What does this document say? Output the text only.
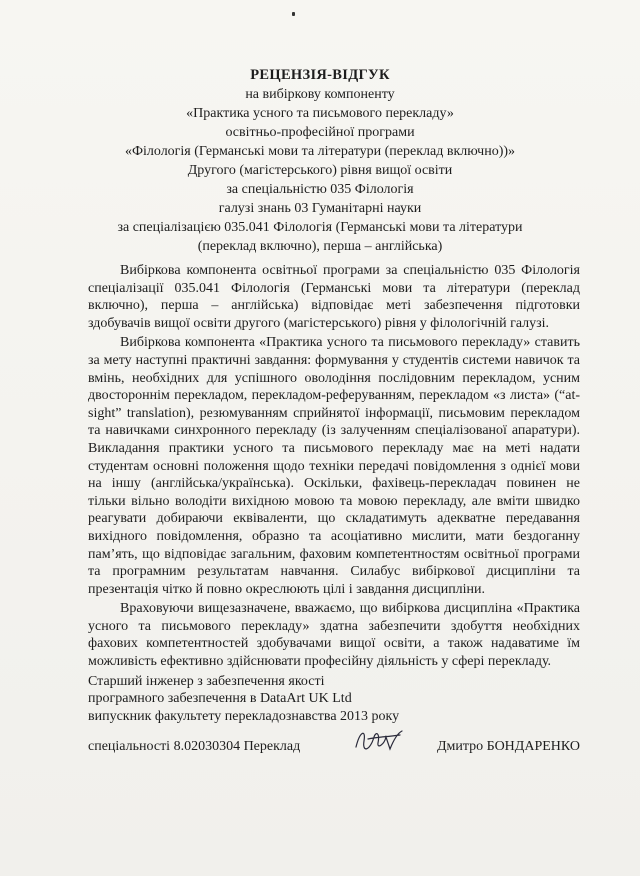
РЕЦЕНЗІЯ-ВІДГУК
на вибіркову компоненту
«Практика усного та письмового перекладу»
освітньо-професійної програми
«Філологія (Германські мови та літератури (переклад включно))»
Другого (магістерського) рівня вищої освіти
за спеціальністю 035 Філологія
галузі знань 03 Гуманітарні науки
за спеціалізацією 035.041 Філологія (Германські мови та літератури
(переклад включно), перша – англійська)

Вибіркова компонента освітньої програми за спеціальністю 035 Філологія спеціалізації 035.041 Філологія (Германські мови та літератури (переклад включно), перша – англійська) відповідає меті забезпечення підготовки здобувачів вищої освіти другого (магістерського) рівня у філологічній галузі.

Вибіркова компонента «Практика усного та письмового перекладу» ставить за мету наступні практичні завдання: формування у студентів системи навичок та вмінь, необхідних для успішного оволодіння послідовним перекладом, усним двостороннім перекладом, перекладом-реферуванням, перекладом «з листа» (“at-sight” translation), резюмуванням сприйнятої інформації, письмовим перекладом та навичками синхронного перекладу (із залученням спеціалізованої апаратури). Викладання практики усного та письмового перекладу має на меті надати студентам основні положення щодо техніки передачі повідомлення з однієї мови на іншу (англійська/українська). Оскільки, фахівець-перекладач повинен не тільки вільно володіти вихідною мовою та мовою перекладу, але вміти швидко реагувати добираючи еквіваленти, що складатимуть адекватне передавання вихідного повідомлення, образно та асоціативно мислити, мати бездоганну пам’ять, що відповідає загальним, фаховим компетентностям освітньої програми та програмним результатам навчання. Силабус вибіркової дисципліни та презентація чітко й повно окреслюють цілі і завдання дисципліни.

Враховуючи вищезазначене, вважаємо, що вибіркова дисципліна «Практика усного та письмового перекладу» здатна забезпечити здобуття необхідних фахових компетентностей здобувачами вищої освіти, а також надаватиме їм можливість ефективно здійснювати професійну діяльність у сфері перекладу.

Старший інженер з забезпечення якості
програмного забезпечення в DataArt UK Ltd
випускник факультету перекладознавства 2013 року
спеціальності 8.02030304 Переклад	Дмитро БОНДАРЕНКО
